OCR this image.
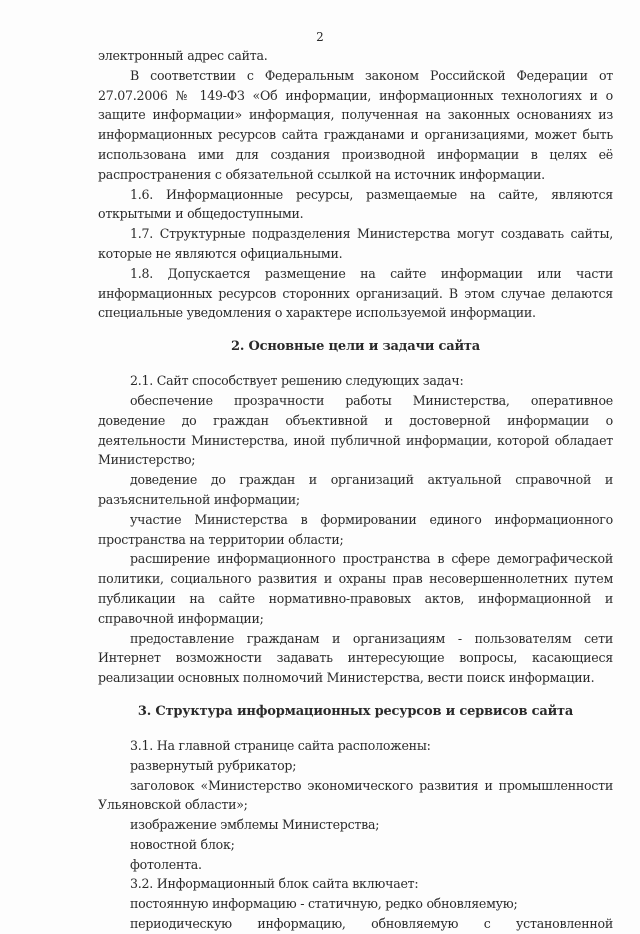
2

электронный адрес сайта.

В соответствии с Федеральным законом Российской Федерации от 27.07.2006 № 149-ФЗ «Об информации, информационных технологиях и о защите информации» информация, полученная на законных основаниях из информационных ресурсов сайта гражданами и организациями, может быть использована ими для создания производной информации в целях её распространения с обязательной ссылкой на источник информации.

1.6. Информационные ресурсы, размещаемые на сайте, являются открытыми и общедоступными.

1.7. Структурные подразделения Министерства могут создавать сайты, которые не являются официальными.

1.8. Допускается размещение на сайте информации или части информационных ресурсов сторонних организаций. В этом случае делаются специальные уведомления о характере используемой информации.

2. Основные цели и задачи сайта

2.1. Сайт способствует решению следующих задач:

обеспечение прозрачности работы Министерства, оперативное доведение до граждан объективной и достоверной информации о деятельности Министерства, иной публичной информации, которой обладает Министерство;

доведение до граждан и организаций актуальной справочной и разъяснительной информации;

участие Министерства в формировании единого информационного пространства на территории области;

расширение информационного пространства в сфере демографической политики, социального развития и охраны прав несовершеннолетних путем публикации на сайте нормативно-правовых актов, информационной и справочной информации;

предоставление гражданам и организациям - пользователям сети Интернет возможности задавать интересующие вопросы, касающиеся реализации основных полномочий Министерства, вести поиск информации.

3. Структура информационных ресурсов и сервисов сайта

3.1. На главной странице сайта расположены:

развернутый рубрикатор;

заголовок «Министерство экономического развития и промышленности Ульяновской области»;

изображение эмблемы Министерства;

новостной блок;

фотолента.

3.2. Информационный блок сайта включает:

постоянную информацию - статичную, редко обновляемую;

периодическую информацию, обновляемую с установленной
